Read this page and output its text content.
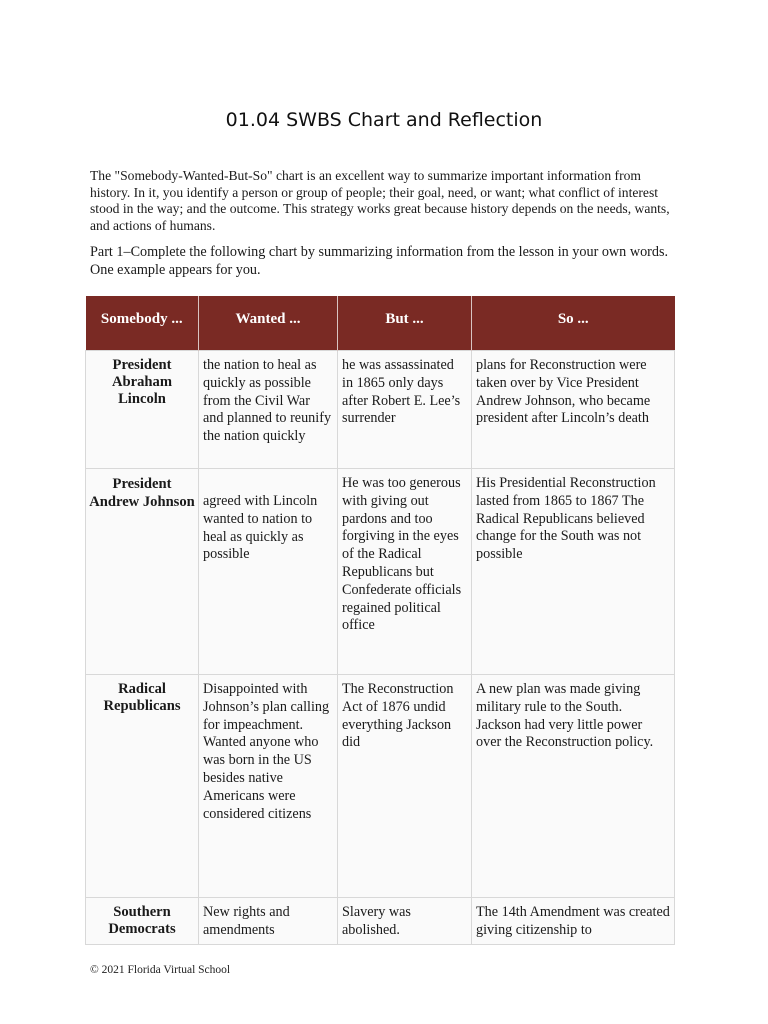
01.04 SWBS Chart and Reflection

The "Somebody-Wanted-But-So" chart is an excellent way to summarize important information from history. In it, you identify a person or group of people; their goal, need, or want; what conflict of interest stood in the way; and the outcome. This strategy works great because history depends on the needs, wants, and actions of humans.

Part 1–Complete the following chart by summarizing information from the lesson in your own words. One example appears for you.

Somebody ...	Wanted ...	But ...	So ...
President Abraham Lincoln	the nation to heal as quickly as possible from the Civil War and planned to reunify the nation quickly	he was assassinated in 1865 only days after Robert E. Lee’s surrender	plans for Reconstruction were taken over by Vice President Andrew Johnson, who became president after Lincoln’s death
President Andrew Johnson	agreed with Lincoln wanted to nation to heal as quickly as possible	He was too generous with giving out pardons and too forgiving in the eyes of the Radical Republicans but Confederate officials regained political office	His Presidential Reconstruction lasted from 1865 to 1867 The Radical Republicans believed change for the South was not possible
Radical Republicans	Disappointed with Johnson’s plan calling for impeachment. Wanted anyone who was born in the US besides native Americans were considered citizens	The Reconstruction Act of 1876 undid everything Jackson did	A new plan was made giving military rule to the South. Jackson had very little power over the Reconstruction policy.
Southern Democrats	New rights and amendments	Slavery was abolished.	The 14th Amendment was created giving citizenship to
© 2021 Florida Virtual School
